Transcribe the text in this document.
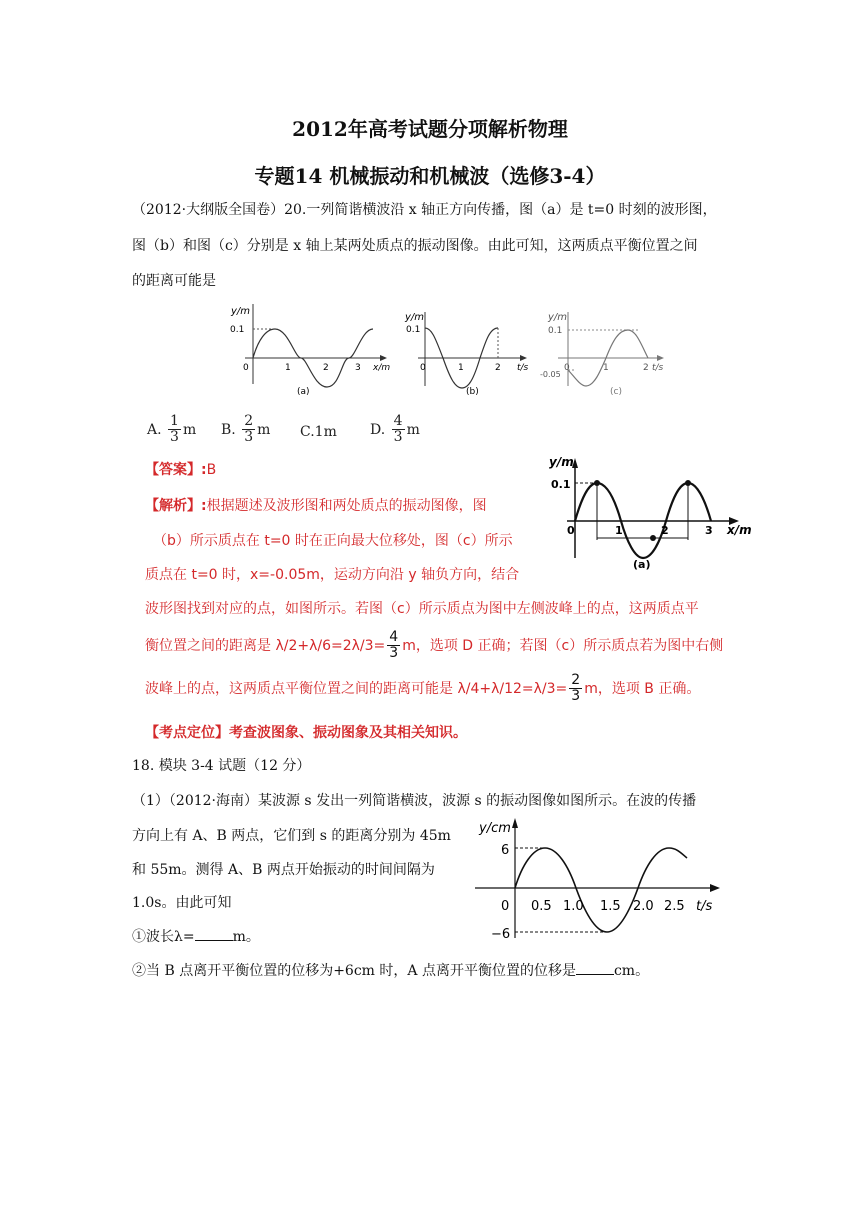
2012年高考试题分项解析物理
专题14 机械振动和机械波（选修3-4）
（2012·大纲版全国卷）20.一列简谐横波沿 x 轴正方向传播，图（a）是 t=0 时刻的波形图，
图（b）和图（c）分别是 x 轴上某两处质点的振动图像。由此可知，这两质点平衡位置之间
的距离可能是
y/m
0.1
0	1	2	3 x/m
(a)
y/m
0.1
0	1	2 t/s
(b)
y/m
0.1
-0.05
0	1	2 t/s
(c)
A. $\frac{1}{3}$ m B. $\frac{2}{3}$ m C.1m D. $\frac{4}{3}$ m
y/m
0.1
0	1	2	3 x/m
(a)
【答案】:B
【解析】:根据题述及波形图和两处质点的振动图像，图
（b）所示质点在 t=0 时在正向最大位移处，图（c）所示
质点在 t=0 时，x=-0.05m，运动方向沿 y 轴负方向，结合
波形图找到对应的点，如图所示。若图（c）所示质点为图中左侧波峰上的点，这两质点平
衡位置之间的距离是 $\lambda/2+\lambda/6=2\lambda/3= \frac{4}{3}$ m，选项 D 正确；若图（c）所示质点若为图中右侧
波峰上的点，这两质点平衡位置之间的距离可能是 $\lambda/4+\lambda/12=\lambda/3= \frac{2}{3}$ m，选项 B 正确。
【考点定位】考查波图象、振动图象及其相关知识。
18. 模块 3-4 试题（12 分）
（1）（2012·海南）某波源 s 发出一列简谐横波，波源 s 的振动图像如图所示。在波的传播
方向上有 A、B 两点，它们到 s 的距离分别为 45m
和 55m。测得 A、B 两点开始振动的时间间隔为
1.0s。由此可知
①波长λ=	m。
②当 B 点离开平衡位置的位移为+6cm 时，A 点离开平衡位置的位移是	cm。
y/cm
6
0
−6
0.5 1.0 1.5 2.0 2.5 t/s
